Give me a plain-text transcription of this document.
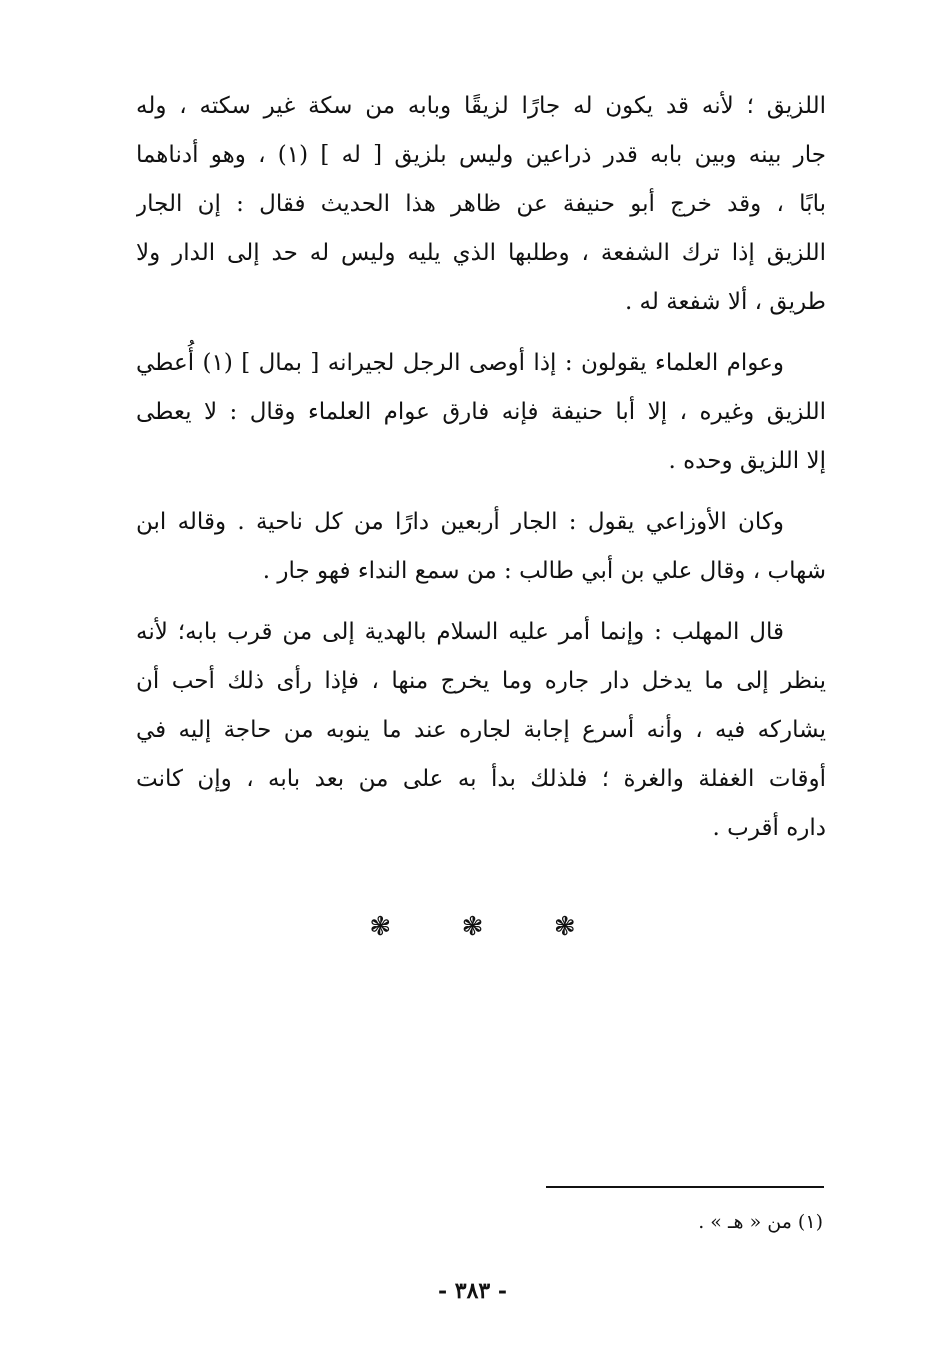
اللزيق ؛ لأنه قد يكون له جارًا لزيقًا وبابه من سكة غير سكته ، وله
جار بينه وبين بابه قدر ذراعين وليس بلزيق [ له ] (١) ، وهو أدناهما
بابًا ، وقد خرج أبو حنيفة عن ظاهر هذا الحديث فقال : إن الجار
اللزيق إذا ترك الشفعة ، وطلبها الذي يليه وليس له حد إلى الدار ولا
طريق ، ألا شفعة له .

وعوام العلماء يقولون : إذا أوصى الرجل لجيرانه [ بمال ] (١) أُعطي
اللزيق وغيره ، إلا أبا حنيفة فإنه فارق عوام العلماء وقال : لا يعطى
إلا اللزيق وحده .

وكان الأوزاعي يقول : الجار أربعين دارًا من كل ناحية . وقاله ابن
شهاب ، وقال علي بن أبي طالب : من سمع النداء فهو جار .

قال المهلب : وإنما أمر عليه السلام بالهدية إلى من قرب بابه؛ لأنه
ينظر إلى ما يدخل دار جاره وما يخرج منها ، فإذا رأى ذلك أحب أن
يشاركه فيه ، وأنه أسرع إجابة لجاره عند ما ينوبه من حاجة إليه في
أوقات الغفلة والغرة ؛ فلذلك بدأ به على من بعد بابه ، وإن كانت
داره أقرب .

❃	❃	❃
(١) من « هـ » .
- ٣٨٣ -
